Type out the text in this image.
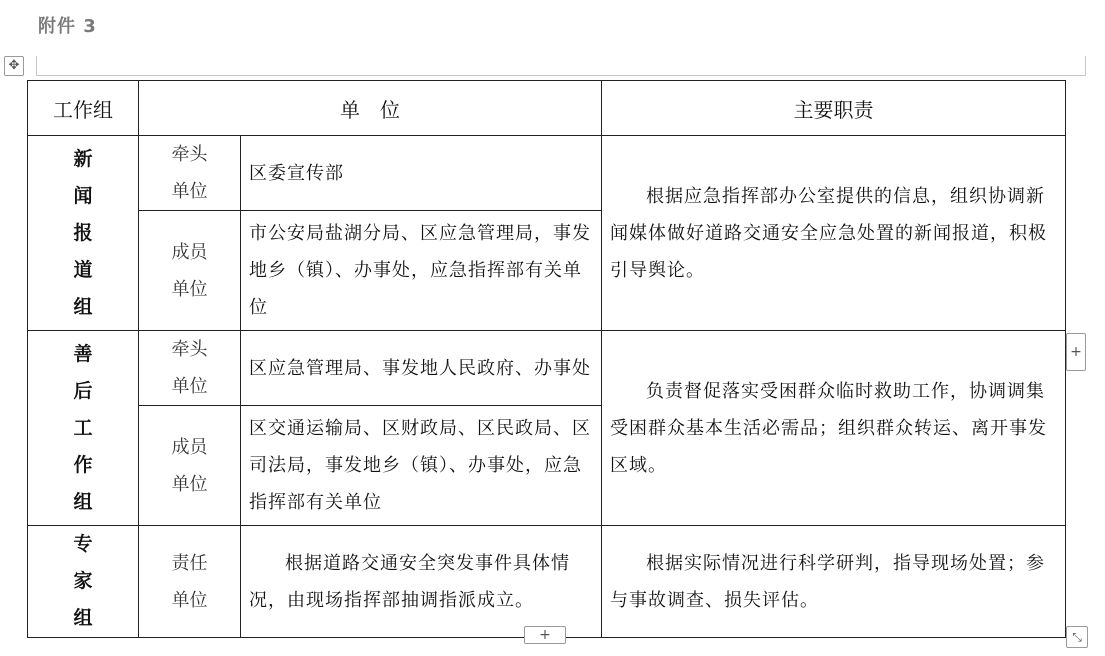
附件 3
✥
工作组	单　位		主要职责
新闻报道组	牵头单位	区委宣传部	根据应急指挥部办公室提供的信息，组织协调新闻媒体做好道路交通安全应急处置的新闻报道，积极引导舆论。
	成员单位	市公安局盐湖分局、区应急管理局，事发地乡（镇）、办事处，应急指挥部有关单位	
善后工作组	牵头单位	区应急管理局、事发地人民政府、办事处	负责督促落实受困群众临时救助工作，协调调集受困群众基本生活必需品；组织群众转运、离开事发区域。
	成员单位	区交通运输局、区财政局、区民政局、区司法局，事发地乡（镇）、办事处，应急指挥部有关单位	
专家组	责任单位	根据道路交通安全突发事件具体情况，由现场指挥部抽调指派成立。	根据实际情况进行科学研判，指导现场处置；参与事故调查、损失评估。
+
+	⤡
